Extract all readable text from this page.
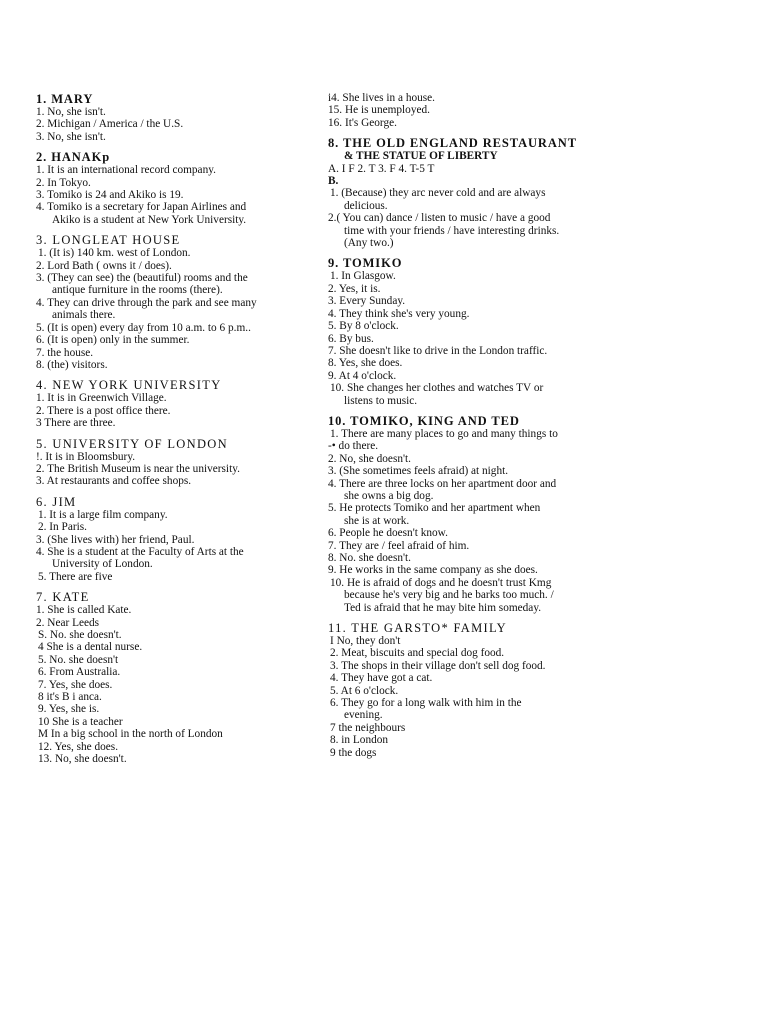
1. MARY
1. No, she isn't.
2. Michigan / America / the U.S.
3. No, she isn't.
2. HANAKp
1. It is an international record company.
2. In Tokyo.
3. Tomiko is 24 and Akiko is 19.
4. Tomiko is a secretary for Japan Airlines and
Akiko is a student at New York University.
3. LONGLEAT HOUSE
1. (It is) 140 km. west of London.
2. Lord Bath ( owns it / does).
3. (They can see) the (beautiful) rooms and the
antique furniture in the rooms (there).
4. They can drive through the park and see many
animals there.
5. (It is open) every day from 10 a.m. to 6 p.m..
6. (It is open) only in the summer.
7. the house.
8. (the) visitors.
4. NEW YORK UNIVERSITY
1. It is in Greenwich Village.
2. There is a post office there.
3 There are three.
5. UNIVERSITY OF LONDON
!. It is in Bloomsbury.
2. The British Museum is near the university.
3. At restaurants and coffee shops.
6. JIM
1. It is a large film company.
2. In Paris.
3. (She lives with) her friend, Paul.
4. She is a student at the Faculty of Arts at the
University of London.
5. There are five
7. KATE
1. She is called Kate.
2. Near Leeds
S. No. she doesn't.
4 She is a dental nurse.
5. No. she doesn't
6. From Australia.
7. Yes, she does.
8 it's B i anca.
9. Yes, she is.
10 She is a teacher
M In a big school in the north of London
12. Yes, she does.
13. No, she doesn't.
i4. She lives in a house.
15. He is unemployed.
16. It's George.
8. THE OLD ENGLAND RESTAURANT
& THE STATUE OF LIBERTY
A. I F 2. T 3. F 4. T-5 T
B.
1. (Because) they arc never cold and are always
delicious.
2.( You can) dance / listen to music / have a good
time with your friends / have interesting drinks.
(Any two.)
9. TOMIKO
1. In Glasgow.
2. Yes, it is.
3. Every Sunday.
4. They think she's very young.
5. By 8 o'clock.
6. By bus.
7. She doesn't like to drive in the London traffic.
8. Yes, she does.
9. At 4 o'clock.
10. She changes her clothes and watches TV or
listens to music.
10. TOMIKO, KING AND TED
1. There are many places to go and many things to
-• do there.
2. No, she doesn't.
3. (She sometimes feels afraid) at night.
4. There are three locks on her apartment door and
she owns a big dog.
5. He protects Tomiko and her apartment when
she is at work.
6. People he doesn't know.
7. They are / feel afraid of him.
8. No. she doesn't.
9. He works in the same company as she does.
10. He is afraid of dogs and he doesn't trust Kmg
because he's very big and he barks too much. /
Ted is afraid that he may bite him someday.
11. THE GARSTO* FAMILY
I No, they don't
2. Meat, biscuits and special dog food.
3. The shops in their village don't sell dog food.
4. They have got a cat.
5. At 6 o'clock.
6. They go for a long walk with him in the
evening.
7 the neighbours
8. in London
9 the dogs
